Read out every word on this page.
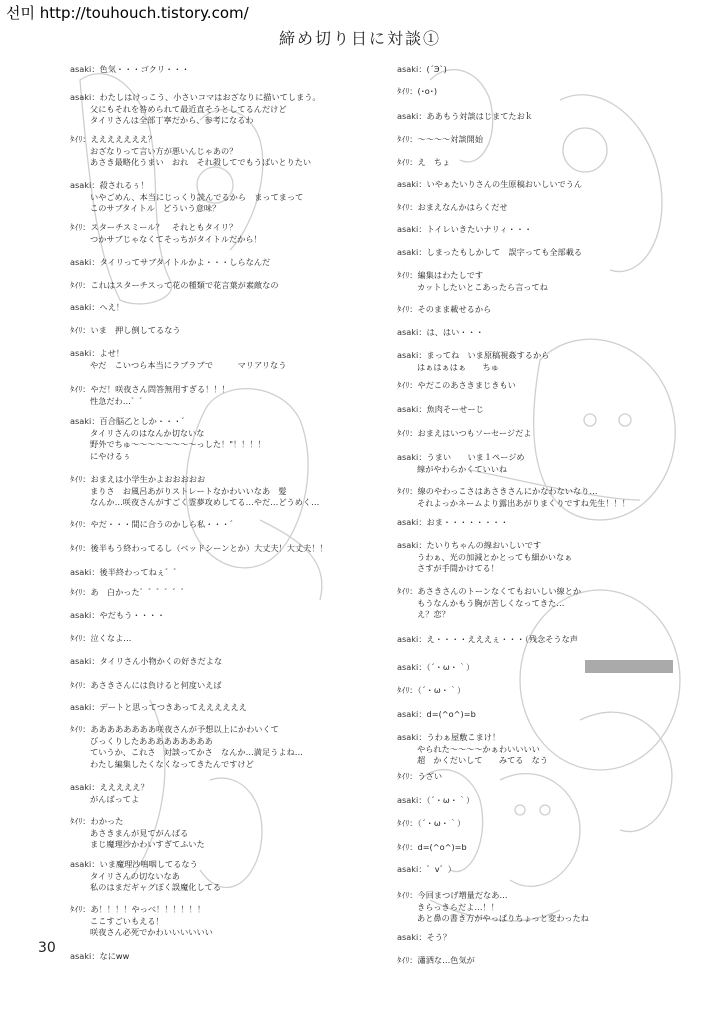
선미 http://touhouch.tistory.com/
締め切り日に対談①
asaki：色気・・・ゴクリ・・・
asaki：わたしはけっこう、小さいコマはおざなりに描いてしまう。
父にもそれを咎められて最近直そうとしてるんだけど
タイリさんは全部丁寧だから、参考になるわ
ﾀｲﾘ：えええええええ？
おざなりって言い方が悪いんじゃあの？
あさき最略化うまい　おれ　それ殺してでもうばいとりたい
asaki：殺されるぅ！
いやごめん、本当にじっくり読んでるから　まってまって
このサブタイトル　どういう意味？
ﾀｲﾘ：スターチスミール？　それともタイリ？
つかサブじゃなくてそっちがタイトルだから！
asaki：タイリってサブタイトルかよ・・・しらなんだ
ﾀｲﾘ：これはスターチスって花の種類で花言葉が素敵なの
asaki：へえ！
ﾀｲﾘ：いま　押し倒してるなう
asaki：よせ！
やだ　こいつら本当にラブラブで　　　マリアリなう
ﾀｲﾘ：やだ！咲夜さん問答無用すぎる！！！
性急だわ…゛゛
asaki：百合脳乙としか・・・゛
タイリさんのはなんか切ないな
野外でちゅ～～～～～～～～っした！"！！！！
にやけるぅ
ﾀｲﾘ：おまえは小学生かよおおおおお
まりさ　お風呂あがりストレートなかわいいなあ　髪
なんか…咲夜さんがすごく霊夢攻めしてる…やだ…どうめく…
ﾀｲﾘ：やだ・・・間に合うのかしら私・・・゛
ﾀｲﾘ：後半もう終わってるし（ベッドシーンとか）大丈夫！大丈夫！！
asaki：後半終わってねぇ゛゛
ﾀｲﾘ：あ　白かった゛゛゛゛゛゛
asaki：やだもう・・・・
ﾀｲﾘ：泣くなよ…
asaki：タイリさん小物かくの好きだよな
ﾀｲﾘ：あさきさんには負けると何度いえば
asaki：デートと思ってつきあってええええええ
ﾀｲﾘ：ああああああああ咲夜さんが予想以上にかわいくて
びっくりしたあああああああああ
ていうか、これさ　対談ってかさ　なんか…満足うよね…
わたし編集したくなくなってきたんですけど
asaki：えええええ？
がんばってよ
ﾀｲﾘ：わかった
あさきまんが見てがんばる
まじ魔理沙かわいすぎてふいた
asaki：いま魔理沙鳴咽してるなう
タイリさんの切ないなあ
私のはまだギャグぽく誤魔化してる
ﾀｲﾘ：あ！！！！やっべ！！！！！！
ここすごいもえる！
咲夜さん必死でかわいいいいいい
asaki：なにww
asaki：(´Э`)
ﾀｲﾘ：(･o･)
asaki：ああもう対談はじまてたおｋ
ﾀｲﾘ：～～～～対談開始
ﾀｲﾘ：え　ちょ
asaki：いやぁたいりさんの生原稿おいしいでうん
ﾀｲﾘ：おまえなんかはらくだせ
asaki：トイレいきたいナリィ・・・
asaki：しまったもしかして　誤字っても全部載る
ﾀｲﾘ：編集はわたしです
カットしたいとこあったら言ってね
ﾀｲﾘ：そのまま載せるから
asaki：は、はい・・・
asaki：まってね　いま原稿視姦するから
はぁはぁはぁ　　ちゅ
ﾀｲﾘ：やだこのあさきまじきもい
asaki：魚肉そーせーじ
ﾀｲﾘ：おまえはいつもソーセージだよ
asaki：うまい　　いま１ページめ
線がやわらかくていいね
ﾀｲﾘ：線のやわっこさはあさきさんにかなわないなり…
それよっかネームより露出あがりまくりですね先生！！！
asaki：おま・・・・・・・・
asaki：たいりちゃんの線おいしいです
うわぁ、光の加減とかとっても細かいなぁ
さすが手間かけてる！
ﾀｲﾘ：あさきさんのトーンなくてもおいしい線とか
もうなんかもう胸が苦しくなってきた…
え？恋？
asaki：え・・・・えええぇ・・・（残念そうな声
asaki：（´・ω・｀）
ﾀｲﾘ：（´・ω・｀）
asaki：d=(^o^)=b
asaki：うわぁ屋敷こまけ！
やられた～～～～かぁわいいいい
超　かくだいして　　みてる　なう
ﾀｲﾘ：うざい
asaki：（´・ω・｀）
ﾀｲﾘ：（´・ω・｀）
ﾀｲﾘ：d=(^o^)=b
asaki：゛v゛）
ﾀｲﾘ：今回まつげ増量だなあ…
きらっきらだよ…！！
あと鼻の書き方がやっぱりちょっと変わったね
asaki：そう？
ﾀｲﾘ：瀟洒な…色気が
30
